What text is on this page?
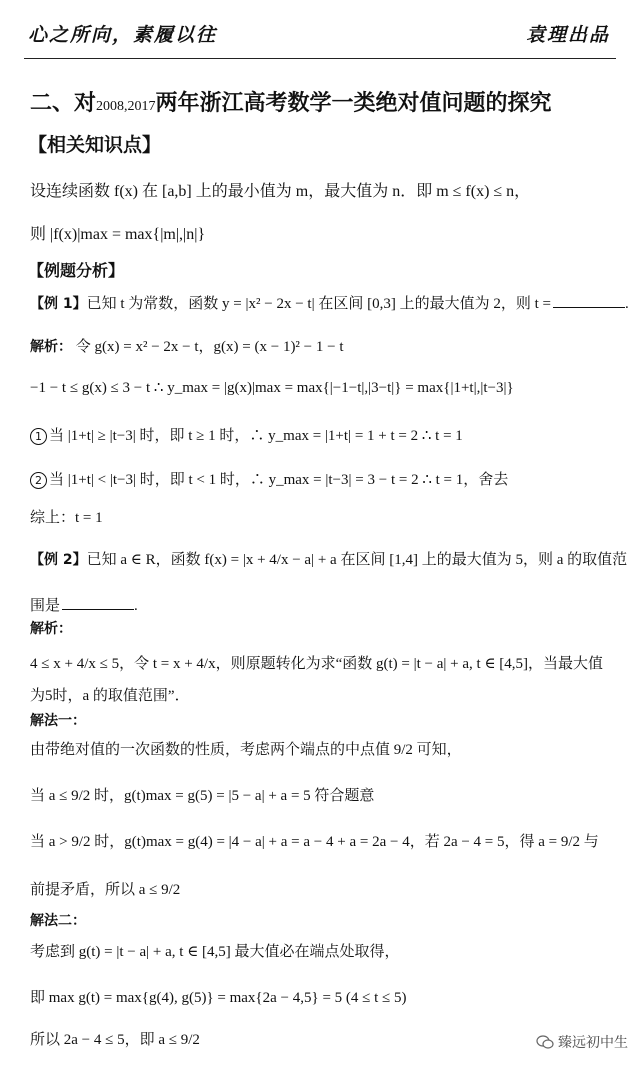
心之所向，素履以往	袁理出品
二、对2008,2017两年浙江高考数学一类绝对值问题的探究
【相关知识点】
设连续函数 f(x) 在 [a,b] 上的最小值为 m，最大值为 n．即 m ≤ f(x) ≤ n，
则 |f(x)|max = max{|m|,|n|}
【例题分析】
【例 1】已知 t 为常数，函数 y = |x² − 2x − t| 在区间 [0,3] 上的最大值为 2，则 t =	.
解析： 令 g(x) = x² − 2x − t，g(x) = (x − 1)² − 1 − t
−1 − t ≤ g(x) ≤ 3 − t ∴ y_max = |g(x)|max = max{|−1−t|,|3−t|} = max{|1+t|,|t−3|}
1 当 |1+t| ≥ |t−3| 时，即 t ≥ 1 时，∴ y_max = |1+t| = 1 + t = 2 ∴ t = 1
2 当 |1+t| < |t−3| 时，即 t < 1 时，∴ y_max = |t−3| = 3 − t = 2 ∴ t = 1，舍去
综上：t = 1
【例 2】已知 a ∈ R，函数 f(x) = |x + 4/x − a| + a 在区间 [1,4] 上的最大值为 5，则 a 的取值范
围是	.
解析：
4 ≤ x + 4/x ≤ 5，令 t = x + 4/x，则原题转化为求“函数 g(t) = |t − a| + a, t ∈ [4,5]，当最大值
为5时，a 的取值范围”．
解法一：
由带绝对值的一次函数的性质，考虑两个端点的中点值 9/2 可知，
当 a ≤ 9/2 时，g(t)max = g(5) = |5 − a| + a = 5 符合题意
当 a > 9/2 时，g(t)max = g(4) = |4 − a| + a = a − 4 + a = 2a − 4，若 2a − 4 = 5，得 a = 9/2 与
前提矛盾，所以 a ≤ 9/2
解法二：
考虑到 g(t) = |t − a| + a, t ∈ [4,5] 最大值必在端点处取得，
即 max g(t) = max{g(4), g(5)} = max{2a − 4,5} = 5 (4 ≤ t ≤ 5)
所以 2a − 4 ≤ 5，即 a ≤ 9/2	臻远初中生
